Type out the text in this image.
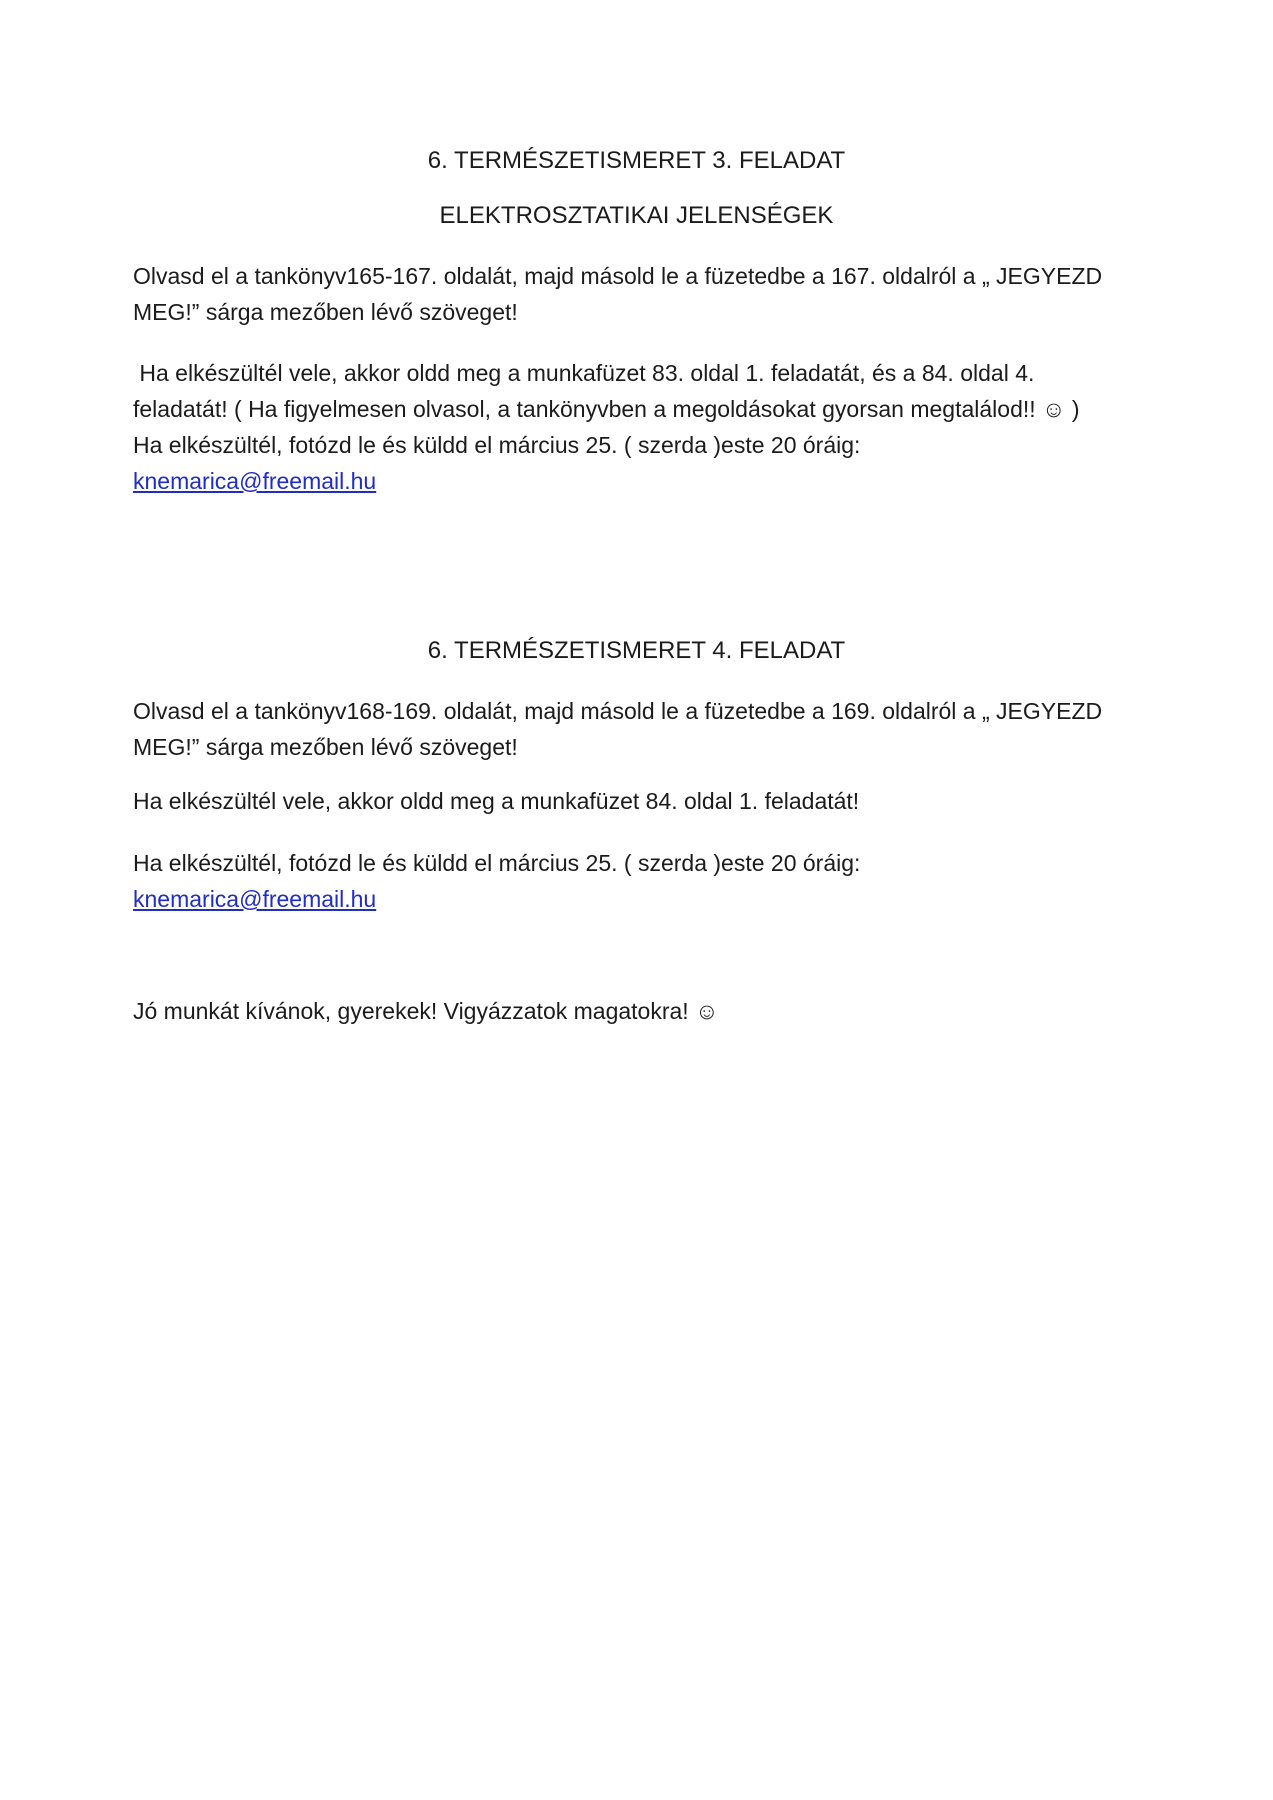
6. TERMÉSZETISMERET 3. FELADAT
ELEKTROSZTATIKAI JELENSÉGEK

Olvasd el a tankönyv165-167. oldalát, majd másold le a füzetedbe a 167. oldalról a „ JEGYEZD
MEG!” sárga mezőben lévő szöveget!

Ha elkészültél vele, akkor oldd meg a munkafüzet 83. oldal 1. feladatát, és a 84. oldal 4.
feladatát! ( Ha figyelmesen olvasol, a tankönyvben a megoldásokat gyorsan megtalálod!! ☺ )
Ha elkészültél, fotózd le és küldd el március 25. ( szerda )este 20 óráig:
knemarica@freemail.hu

6. TERMÉSZETISMERET 4. FELADAT

Olvasd el a tankönyv168-169. oldalát, majd másold le a füzetedbe a 169. oldalról a „ JEGYEZD
MEG!” sárga mezőben lévő szöveget!

Ha elkészültél vele, akkor oldd meg a munkafüzet 84. oldal 1. feladatát!

Ha elkészültél, fotózd le és küldd el március 25. ( szerda )este 20 óráig:
knemarica@freemail.hu

Jó munkát kívánok, gyerekek! Vigyázzatok magatokra! ☺
